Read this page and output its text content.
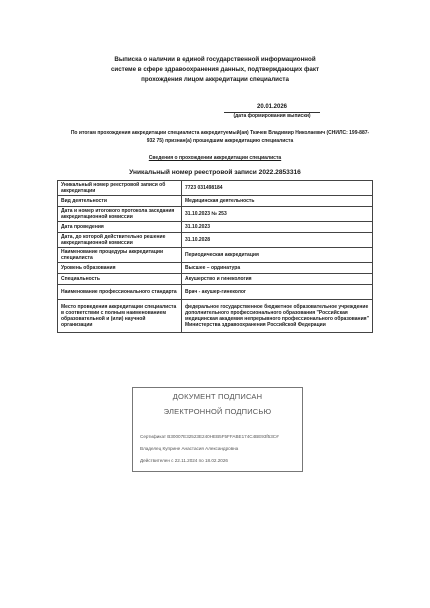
Выписка о наличии в единой государственной информационной
системе в сфере здравоохранения данных, подтверждающих факт
прохождения лицом аккредитации специалиста
20.01.2026
(дата формирования выписки)
По итогам прохождения аккредитации специалиста аккредитуемый(ая) Ткачев Владимир Николаевич (СНИЛС: 199-887-
932 75) признан(а) прошедшим аккредитацию специалиста
Сведения о прохождении аккредитации специалиста
Уникальный номер реестровой записи 2022.2853316
Уникальный номер реестровой записи об аккредитации	7723 031498184
Вид деятельности	Медицинская деятельность
Дата и номер итогового протокола заседания аккредитационной комиссии	31.10.2023 № 253
Дата проведения	31.10.2023
Дата, до которой действительно решение аккредитационной комиссии	31.10.2028
Наименование процедуры аккредитации специалиста	Периодическая аккредитация
Уровень образования	Высшее – ординатура
Специальность	Акушерство и гинекология
Наименование профессионального стандарта	Врач - акушер-гинеколог
Место проведения аккредитации специалиста в соответствии с полным наименованием образовательной и (или) научной организации	федеральное государственное бюджетное образовательное учреждение дополнительного профессионального образования "Российская медицинская академия непрерывного профессионального образования" Министерства здравоохранения Российской Федерации
ДОКУМЕНТ ПОДПИСАН
ЭЛЕКТРОННОЙ ПОДПИСЬЮ
Сертификат B30007E32523E240HEB5F5FFABE174C4BE93f53C#
Владелец Куприне Анастасия Александровна
Действителен с 22.11.2024 по 18.02.2026
